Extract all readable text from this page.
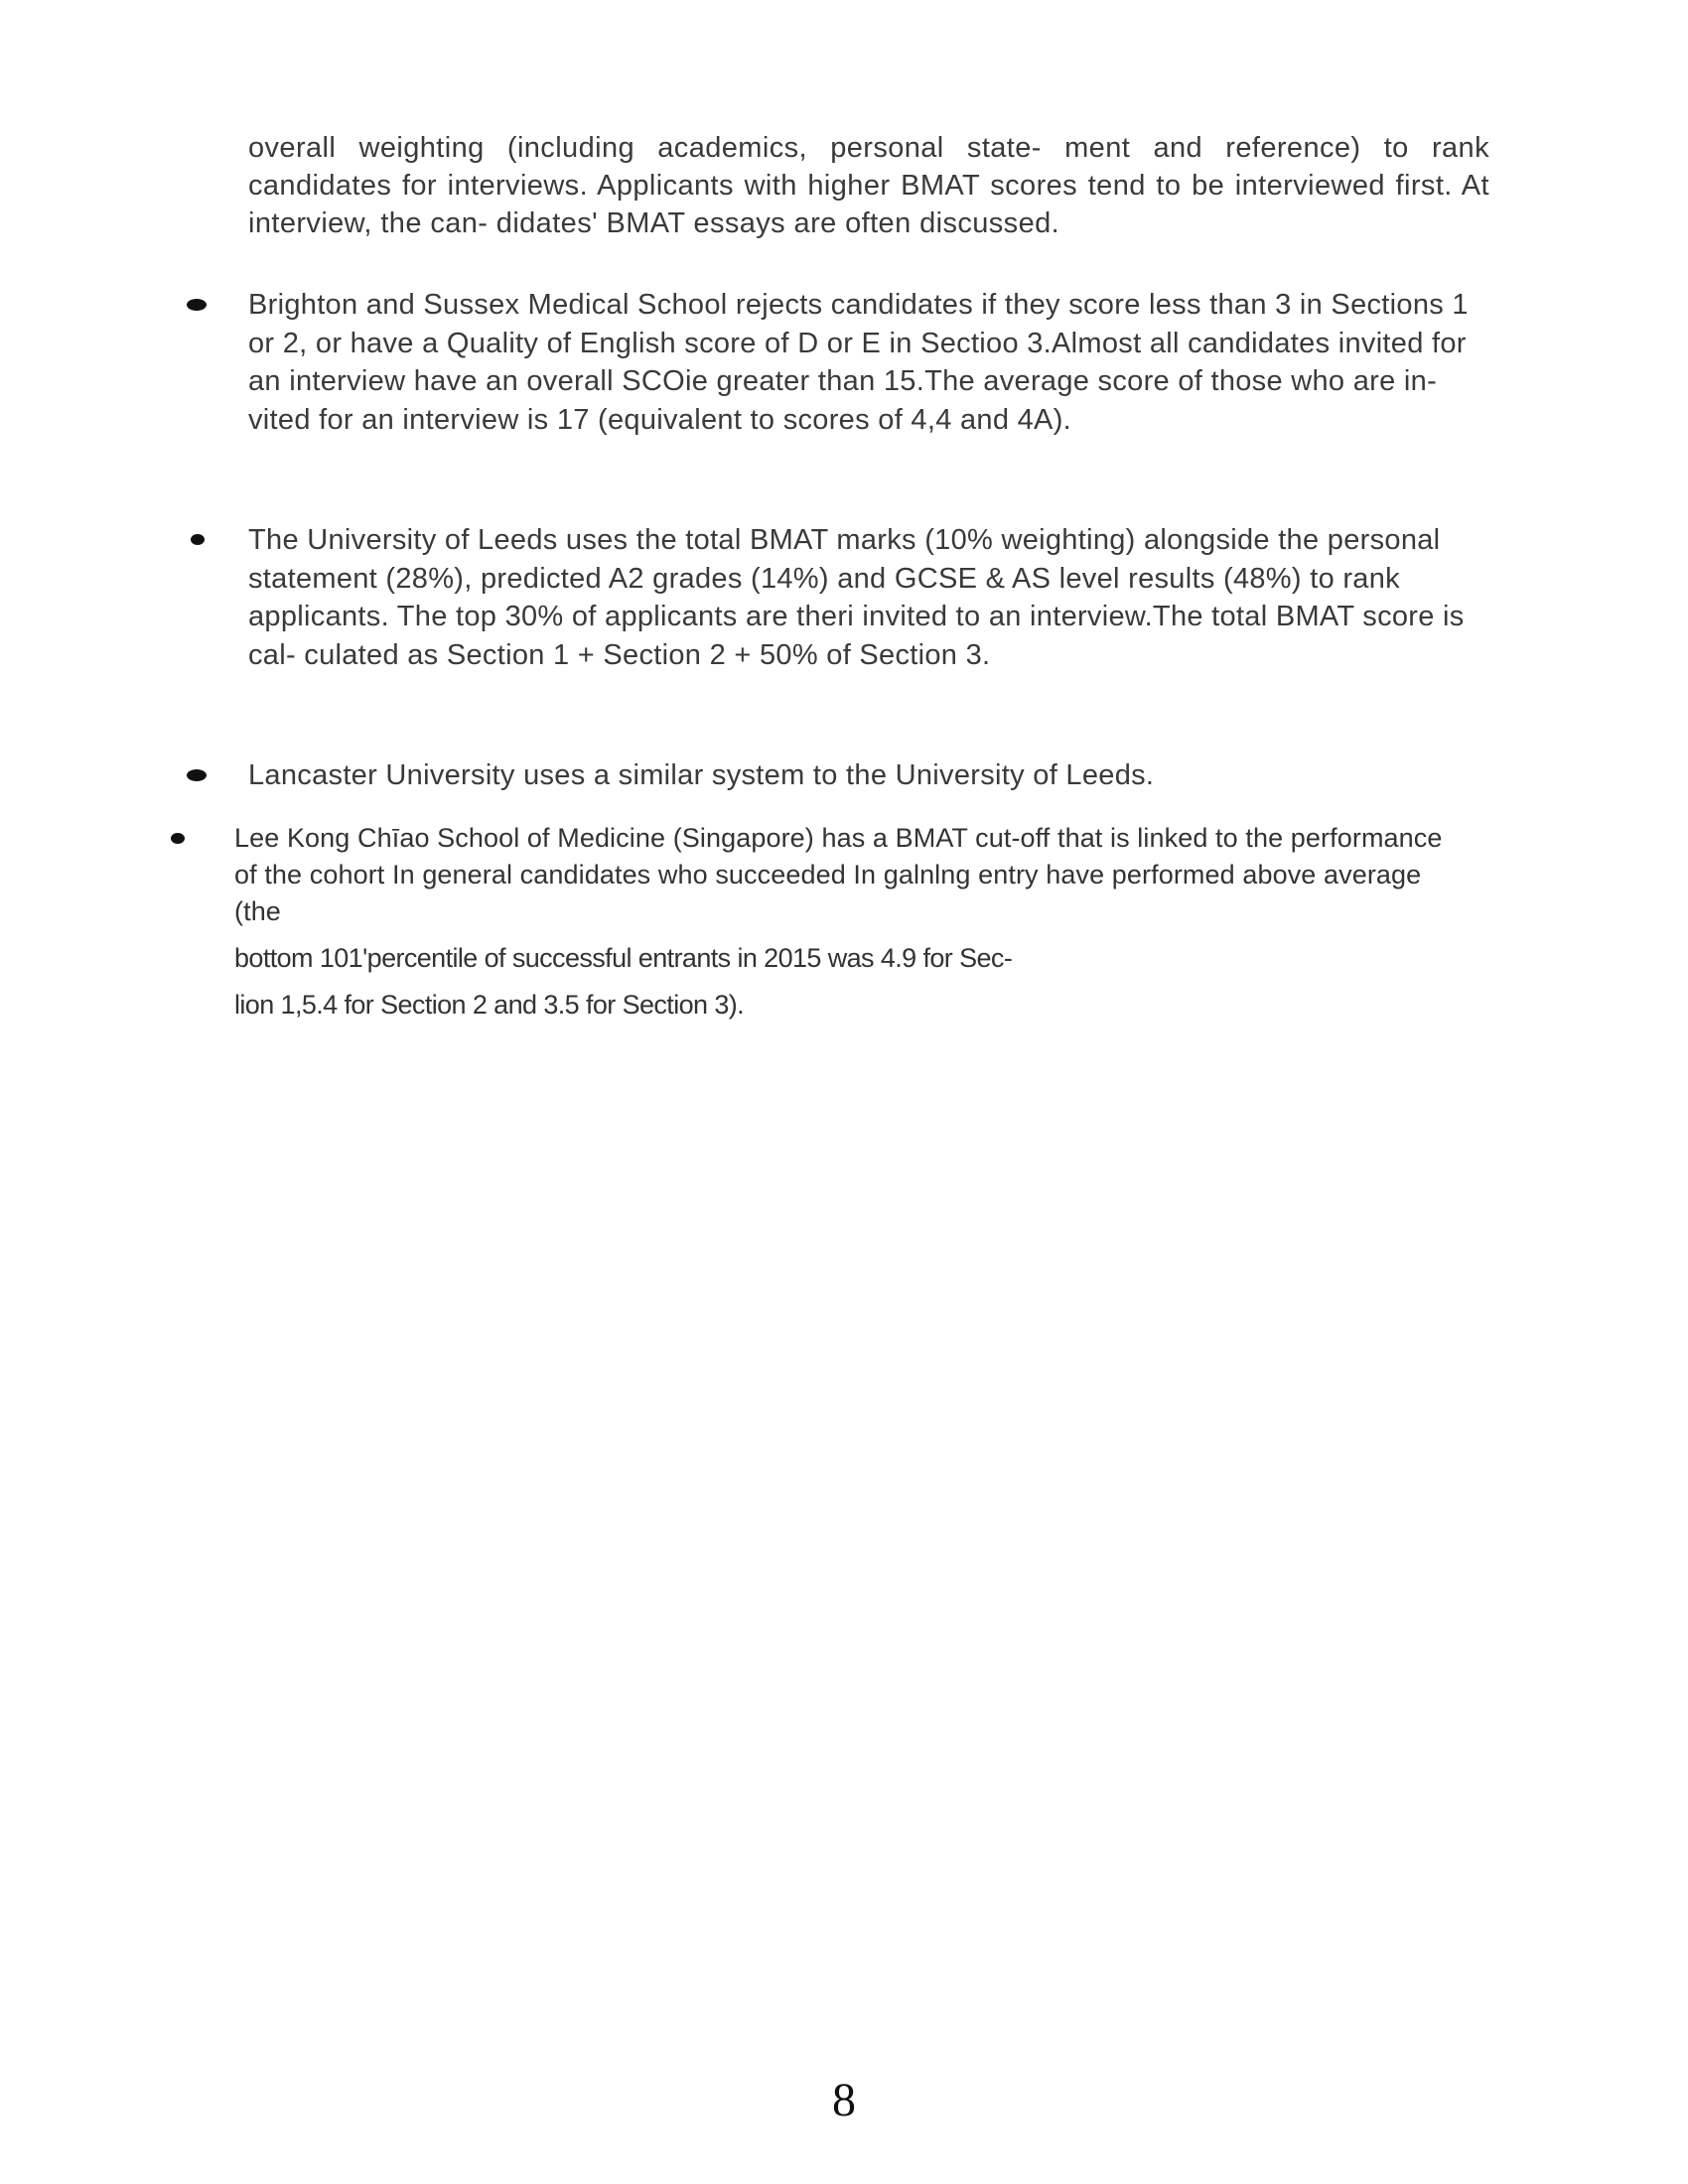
overall weighting (including academics, personal state- ment and reference) to rank candidates for interviews. Applicants with higher BMAT scores tend to be interviewed first. At interview, the can- didates' BMAT essays are often discussed.

Brighton and Sussex Medical School rejects candidates if they score less than 3 in Sections 1 or 2, or have a Quality of English score of D or E in Sectioo 3.Almost all candidates invited for an interview have an overall SCOie greater than 15.The average score of those who are in- vited for an interview is 17 (equivalent to scores of 4,4 and 4A).
The University of Leeds uses the total BMAT marks (10% weighting) alongside the personal statement (28%), predicted A2 grades (14%) and GCSE & AS level results (48%) to rank applicants. The top 30% of applicants are theri invited to an interview.The total BMAT score is cal- culated as Section 1 + Section 2 + 50% of Section 3.
Lancaster University uses a similar system to the University of Leeds.
Lee Kong Chīao School of Medicine (Singapore) has a BMAT cut-off that is linked to the performance of the cohort In general candidates who succeeded In galnlng entry have performed above average (the
bottom 101'percentile of successful entrants in 2015 was 4.9 for Sec-
lion 1,5.4 for Section 2 and 3.5 for Section 3).
8
